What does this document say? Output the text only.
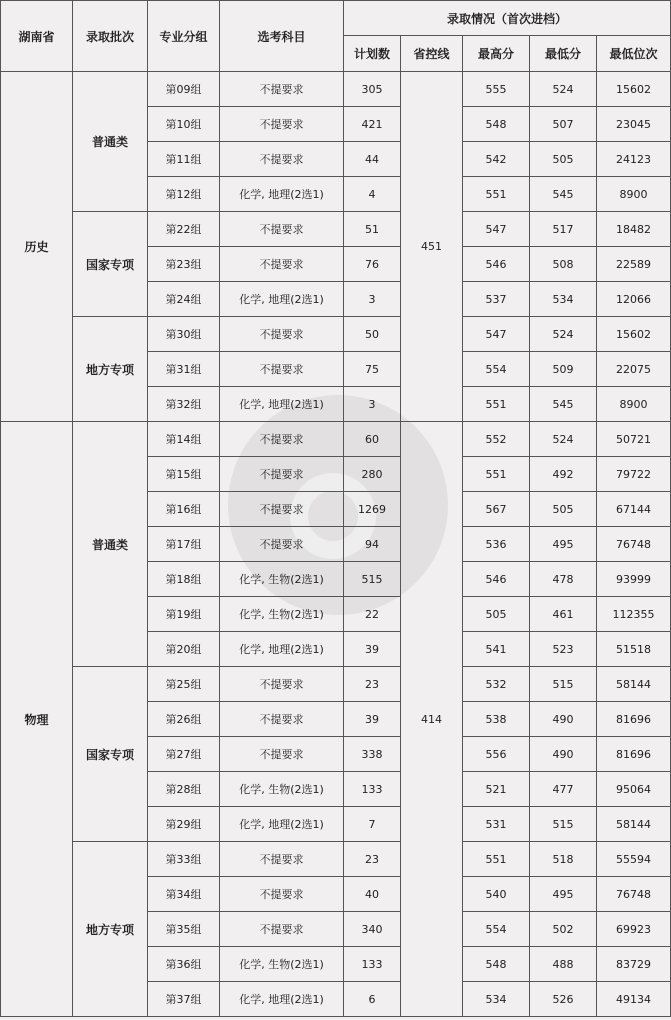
湖南省	录取批次	专业分组	选考科目	录取情况（首次进档）				
				计划数	省控线	最高分	最低分	最低位次
历史	普通类	第09组	不提要求	305	451	555	524	15602
		第10组	不提要求	421		548	507	23045
		第11组	不提要求	44		542	505	24123
		第12组	化学, 地理(2选1)	4		551	545	8900
	国家专项	第22组	不提要求	51		547	517	18482
		第23组	不提要求	76		546	508	22589
		第24组	化学, 地理(2选1)	3		537	534	12066
	地方专项	第30组	不提要求	50		547	524	15602
		第31组	不提要求	75		554	509	22075
		第32组	化学, 地理(2选1)	3		551	545	8900
物理	普通类	第14组	不提要求	60	414	552	524	50721
		第15组	不提要求	280		551	492	79722
		第16组	不提要求	1269		567	505	67144
		第17组	不提要求	94		536	495	76748
		第18组	化学, 生物(2选1)	515		546	478	93999
		第19组	化学, 生物(2选1)	22		505	461	112355
		第20组	化学, 地理(2选1)	39		541	523	51518
	国家专项	第25组	不提要求	23		532	515	58144
		第26组	不提要求	39		538	490	81696
		第27组	不提要求	338		556	490	81696
		第28组	化学, 生物(2选1)	133		521	477	95064
		第29组	化学, 地理(2选1)	7		531	515	58144
	地方专项	第33组	不提要求	23		551	518	55594
		第34组	不提要求	40		540	495	76748
		第35组	不提要求	340		554	502	69923
		第36组	化学, 生物(2选1)	133		548	488	83729
		第37组	化学, 地理(2选1)	6		534	526	49134
